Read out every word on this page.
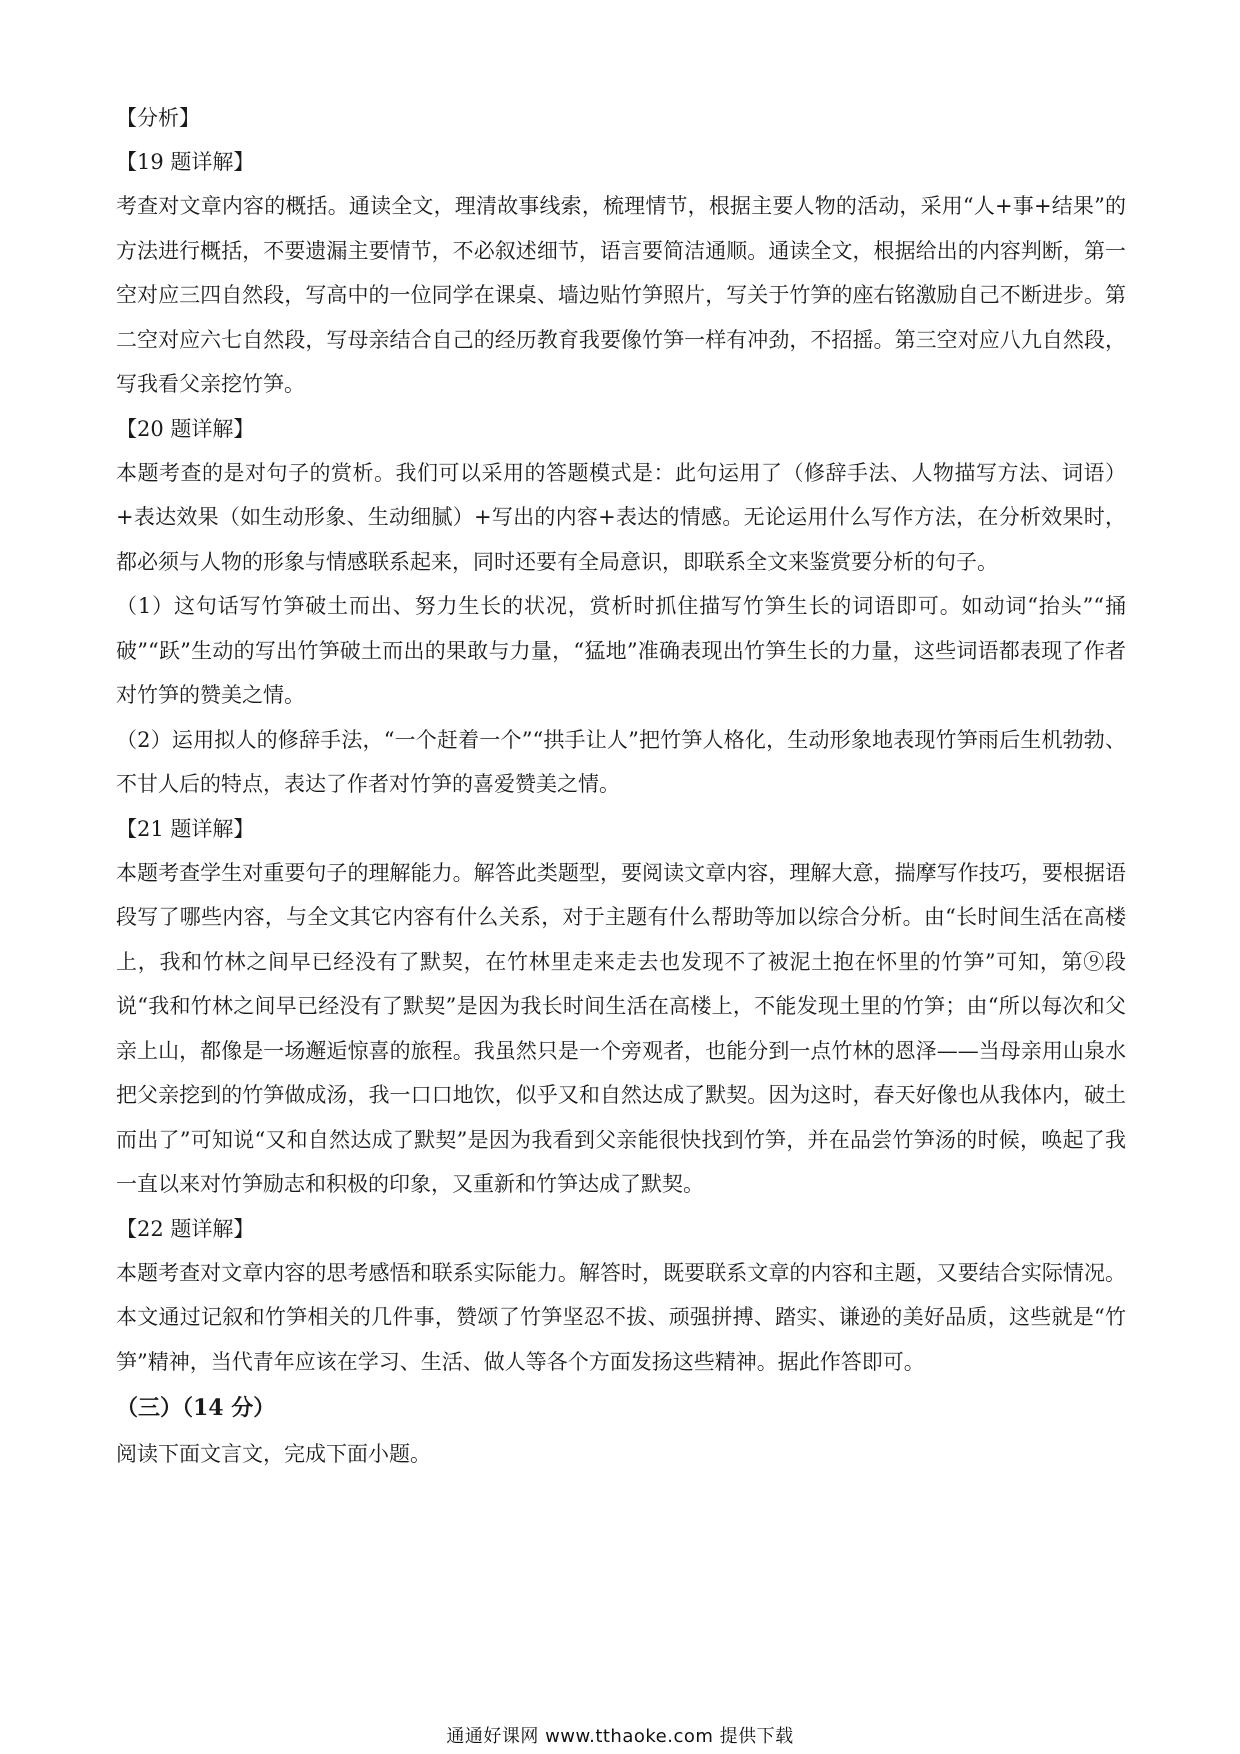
【分析】

【19 题详解】

考查对文章内容的概括。通读全文，理清故事线索，梳理情节，根据主要人物的活动，采用“人+事+结果”的方法进行概括，不要遗漏主要情节，不必叙述细节，语言要简洁通顺。通读全文，根据给出的内容判断，第一空对应三四自然段，写高中的一位同学在课桌、墙边贴竹笋照片，写关于竹笋的座右铭激励自己不断进步。第二空对应六七自然段，写母亲结合自己的经历教育我要像竹笋一样有冲劲，不招摇。第三空对应八九自然段，写我看父亲挖竹笋。

【20 题详解】

本题考查的是对句子的赏析。我们可以采用的答题模式是：此句运用了（修辞手法、人物描写方法、词语）+表达效果（如生动形象、生动细腻）+写出的内容+表达的情感。无论运用什么写作方法，在分析效果时，都必须与人物的形象与情感联系起来，同时还要有全局意识，即联系全文来鉴赏要分析的句子。

（1）这句话写竹笋破土而出、努力生长的状况，赏析时抓住描写竹笋生长的词语即可。如动词“抬头”“捅破”“跃”生动的写出竹笋破土而出的果敢与力量，“猛地”准确表现出竹笋生长的力量，这些词语都表现了作者对竹笋的赞美之情。

（2）运用拟人的修辞手法，“一个赶着一个”“拱手让人”把竹笋人格化，生动形象地表现竹笋雨后生机勃勃、不甘人后的特点，表达了作者对竹笋的喜爱赞美之情。

【21 题详解】

本题考查学生对重要句子的理解能力。解答此类题型，要阅读文章内容，理解大意，揣摩写作技巧，要根据语段写了哪些内容，与全文其它内容有什么关系，对于主题有什么帮助等加以综合分析。由“长时间生活在高楼上，我和竹林之间早已经没有了默契，在竹林里走来走去也发现不了被泥土抱在怀里的竹笋”可知，第⑨段说“我和竹林之间早已经没有了默契”是因为我长时间生活在高楼上，不能发现土里的竹笋；由“所以每次和父亲上山，都像是一场邂逅惊喜的旅程。我虽然只是一个旁观者，也能分到一点竹林的恩泽——当母亲用山泉水把父亲挖到的竹笋做成汤，我一口口地饮，似乎又和自然达成了默契。因为这时，春天好像也从我体内，破土而出了”可知说“又和自然达成了默契”是因为我看到父亲能很快找到竹笋，并在品尝竹笋汤的时候，唤起了我一直以来对竹笋励志和积极的印象，又重新和竹笋达成了默契。

【22 题详解】

本题考查对文章内容的思考感悟和联系实际能力。解答时，既要联系文章的内容和主题，又要结合实际情况。本文通过记叙和竹笋相关的几件事，赞颂了竹笋坚忍不拔、顽强拼搏、踏实、谦逊的美好品质，这些就是“竹笋”精神，当代青年应该在学习、生活、做人等各个方面发扬这些精神。据此作答即可。

（三）（14 分）

阅读下面文言文，完成下面小题。

通通好课网 www.tthaoke.com 提供下载
